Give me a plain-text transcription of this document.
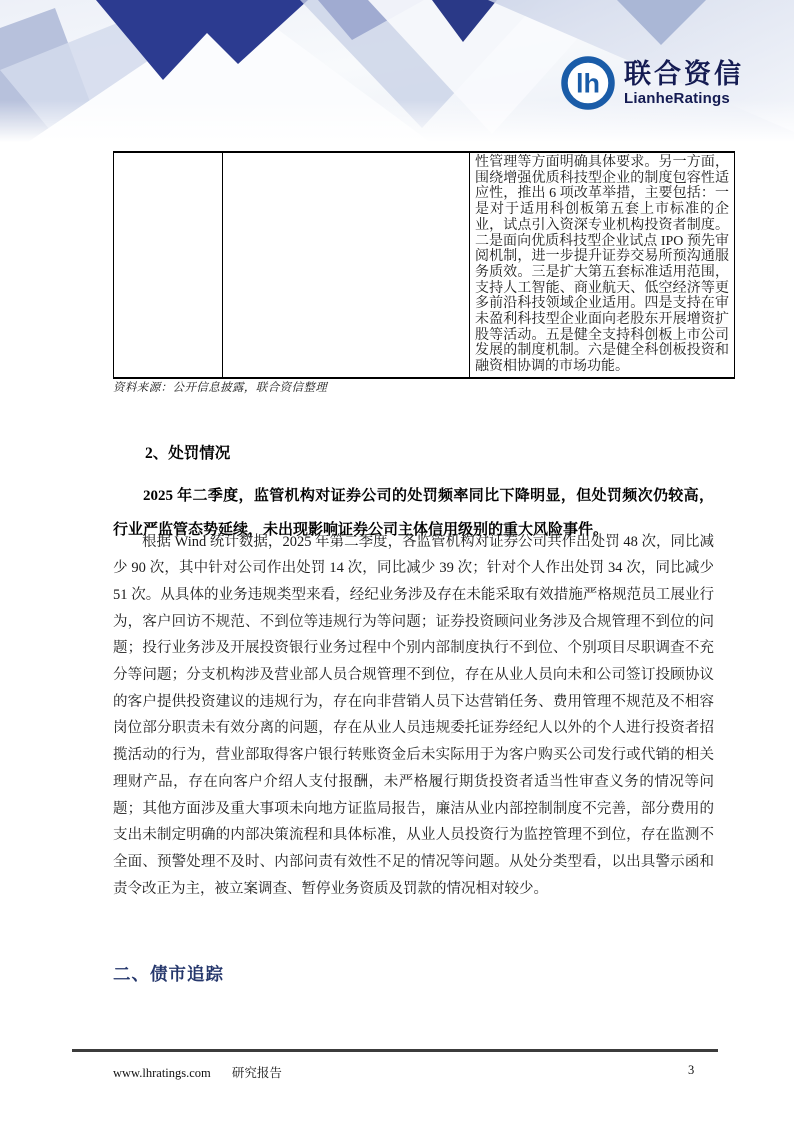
lh 联合资信
LianheRatings
		性管理等方面明确具体要求。另一方面，围绕增强优质科技型企业的制度包容性适应性，推出 6 项改革举措，主要包括：一是对于适用科创板第五套上市标准的企业，试点引入资深专业机构投资者制度。二是面向优质科技型企业试点 IPO 预先审阅机制，进一步提升证券交易所预沟通服务质效。三是扩大第五套标准适用范围，支持人工智能、商业航天、低空经济等更多前沿科技领域企业适用。四是支持在审未盈利科技型企业面向老股东开展增资扩股等活动。五是健全支持科创板上市公司发展的制度机制。六是健全科创板投资和融资相协调的市场功能。
资料来源：公开信息披露，联合资信整理
2、处罚情况

2025 年二季度，监管机构对证券公司的处罚频率同比下降明显，但处罚频次仍较高，行业严监管态势延续，未出现影响证券公司主体信用级别的重大风险事件。

根据 Wind 统计数据，2025 年第二季度，各监管机构对证券公司共作出处罚 48 次，同比减少 90 次，其中针对公司作出处罚 14 次，同比减少 39 次；针对个人作出处罚 34 次，同比减少 51 次。从具体的业务违规类型来看，经纪业务涉及存在未能采取有效措施严格规范员工展业行为，客户回访不规范、不到位等违规行为等问题；证券投资顾问业务涉及合规管理不到位的问题；投行业务涉及开展投资银行业务过程中个别内部制度执行不到位、个别项目尽职调查不充分等问题；分支机构涉及营业部人员合规管理不到位，存在从业人员向未和公司签订投顾协议的客户提供投资建议的违规行为，存在向非营销人员下达营销任务、费用管理不规范及不相容岗位部分职责未有效分离的问题，存在从业人员违规委托证券经纪人以外的个人进行投资者招揽活动的行为，营业部取得客户银行转账资金后未实际用于为客户购买公司发行或代销的相关理财产品，存在向客户介绍人支付报酬，未严格履行期货投资者适当性审查义务的情况等问题；其他方面涉及重大事项未向地方证监局报告，廉洁从业内部控制制度不完善，部分费用的支出未制定明确的内部决策流程和具体标准，从业人员投资行为监控管理不到位，存在监测不全面、预警处理不及时、内部问责有效性不足的情况等问题。从处分类型看，以出具警示函和责令改正为主，被立案调查、暂停业务资质及罚款的情况相对较少。

二、债市追踪
www.lhratings.com 研究报告	3
